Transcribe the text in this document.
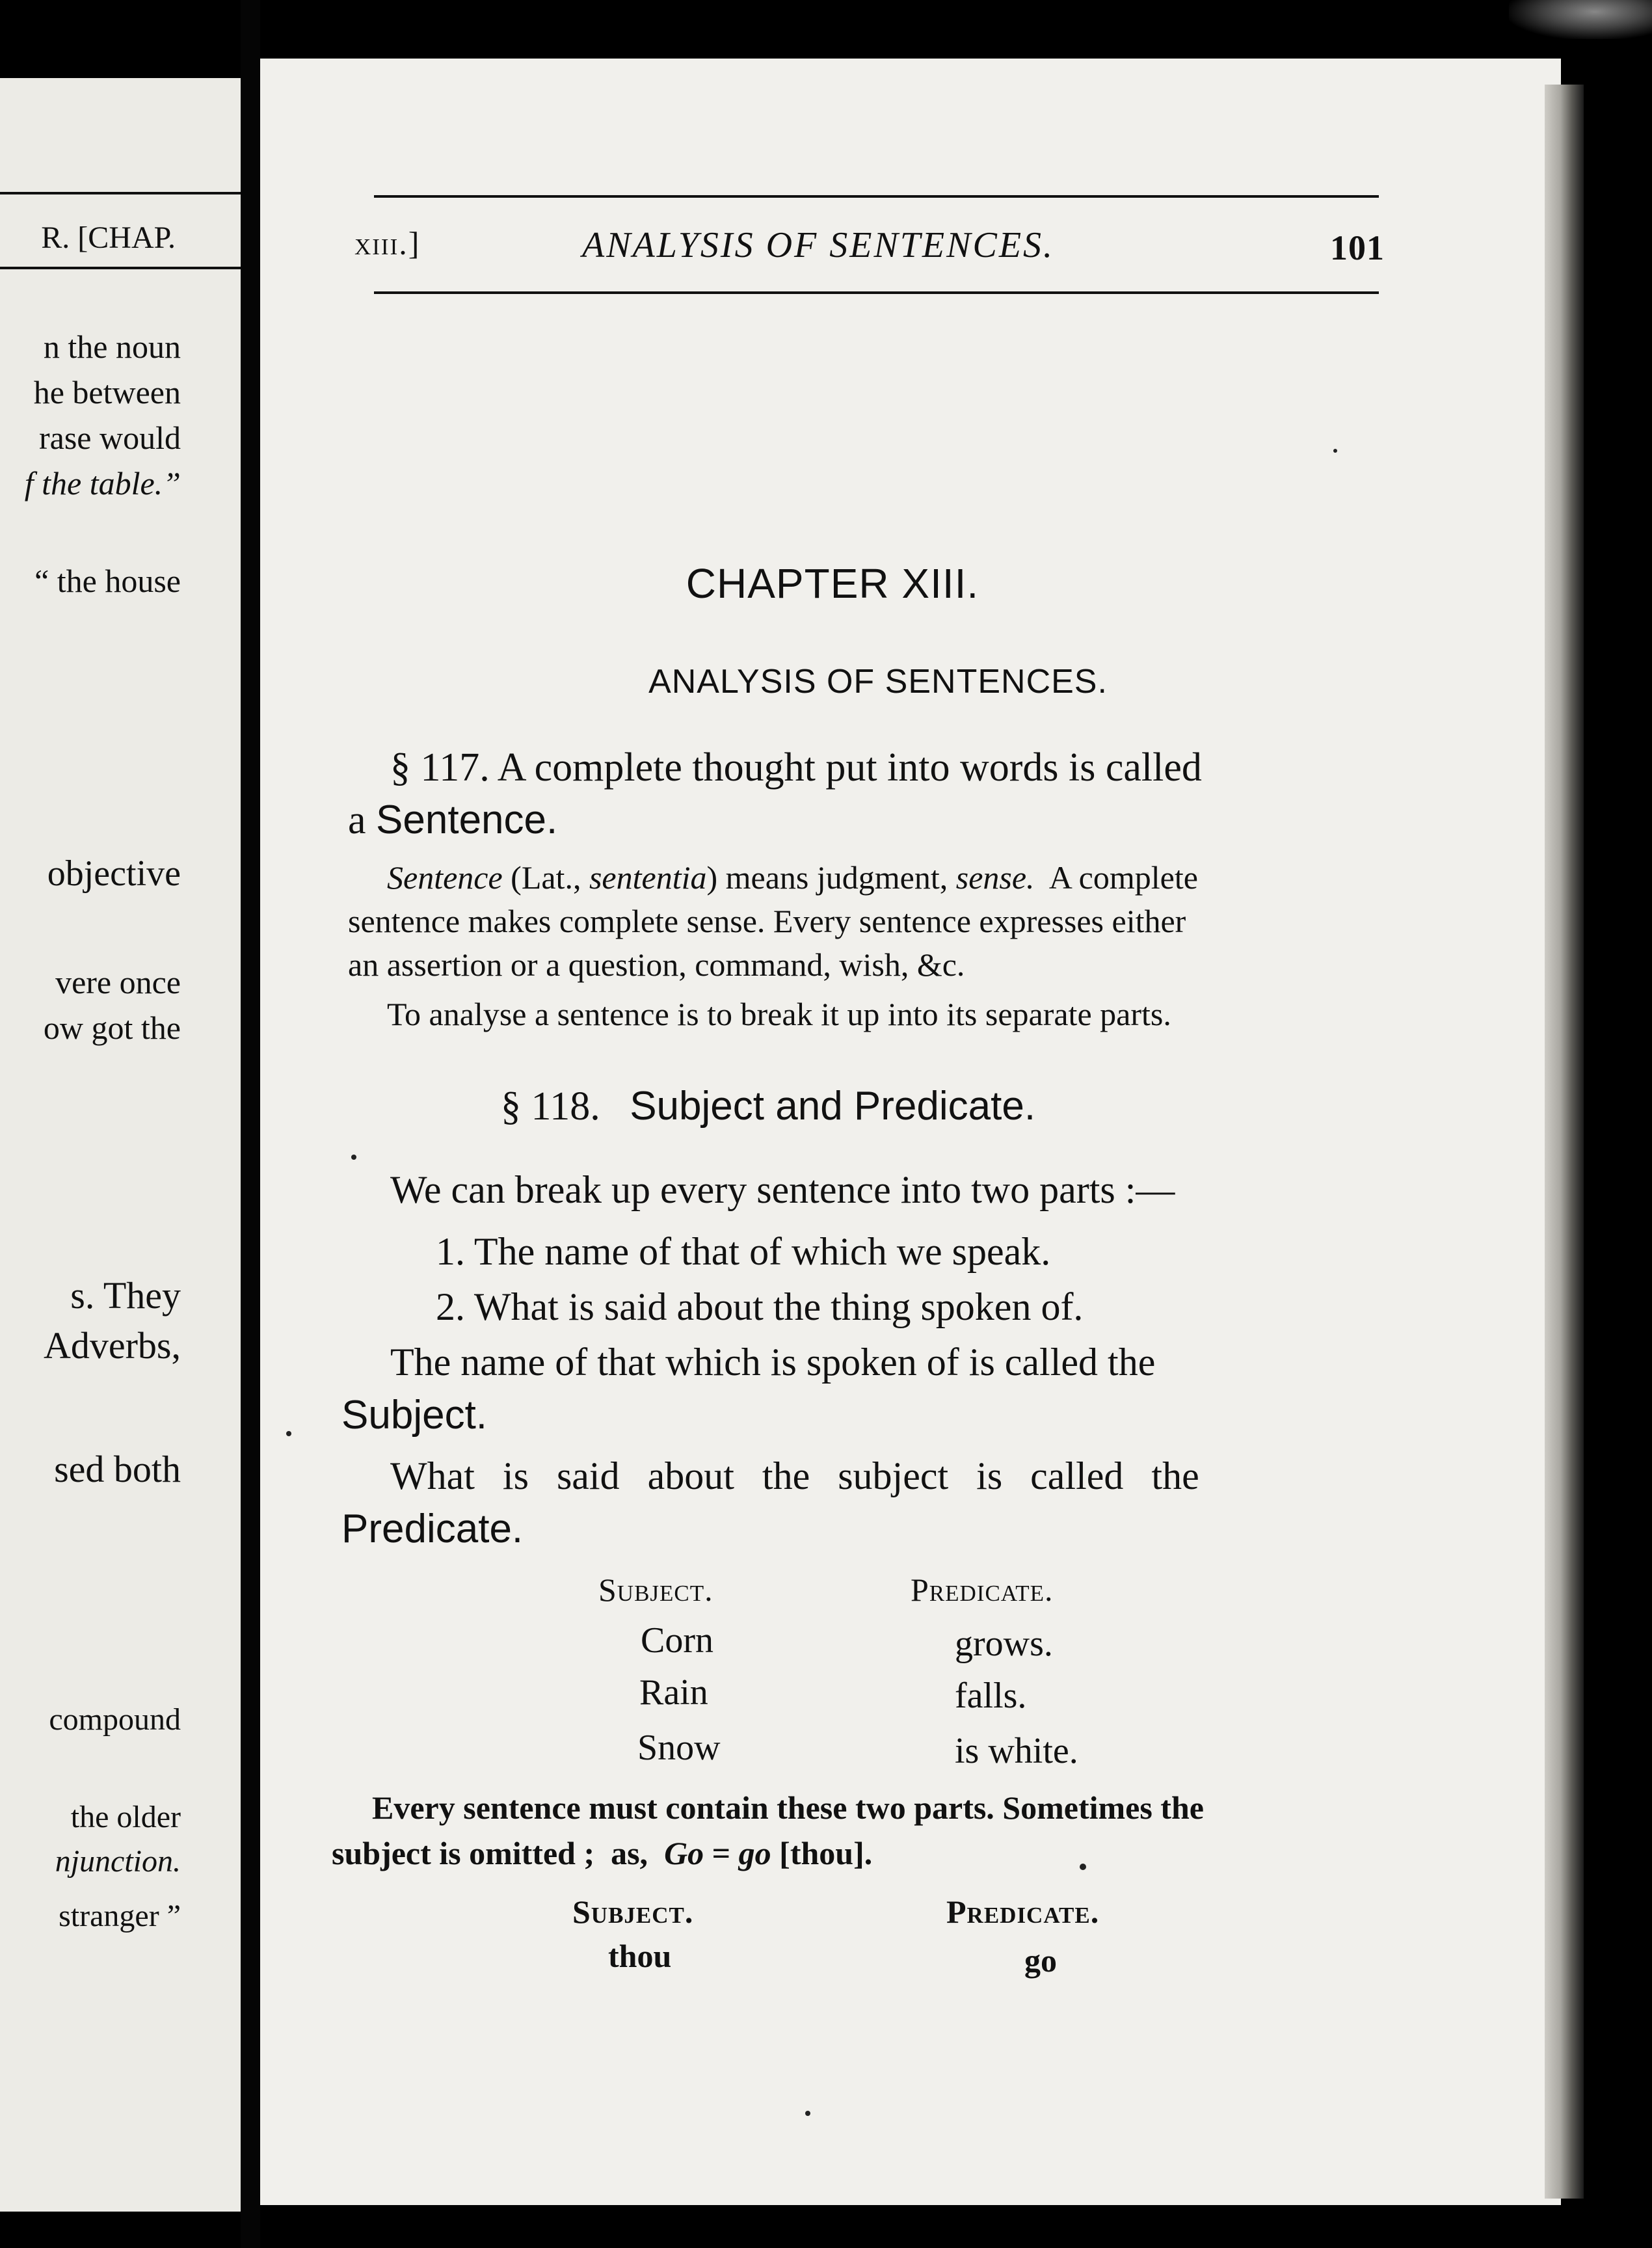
R. [CHAP.
n the noun
he between
rase would
f the table.”
“ the house
objective
vere once
ow got the
s. They
Adverbs,
sed both
compound
the older
njunction.
stranger ”
xiii.]	ANALYSIS OF SENTENCES.	101
CHAPTER XIII.
ANALYSIS OF SENTENCES.
§ 117. A complete thought put into words is called
a Sentence.
Sentence (Lat., sententia) means judgment, sense.  A complete
sentence makes complete sense. Every sentence expresses either
an assertion or a question, command, wish, &c.
To analyse a sentence is to break it up into its separate parts.
§ 118. Subject and Predicate.
We can break up every sentence into two parts :—
1. The name of that of which we speak.
2. What is said about the thing spoken of.
The name of that which is spoken of is called the
Subject.
What is said about the subject is called the
Predicate.
Subject.	Predicate.
Corn	grows.
Rain	falls.
Snow	is white.
Every sentence must contain these two parts. Sometimes the
subject is omitted ;  as,  Go = go [thou].
Subject.	Predicate.
thou	go
